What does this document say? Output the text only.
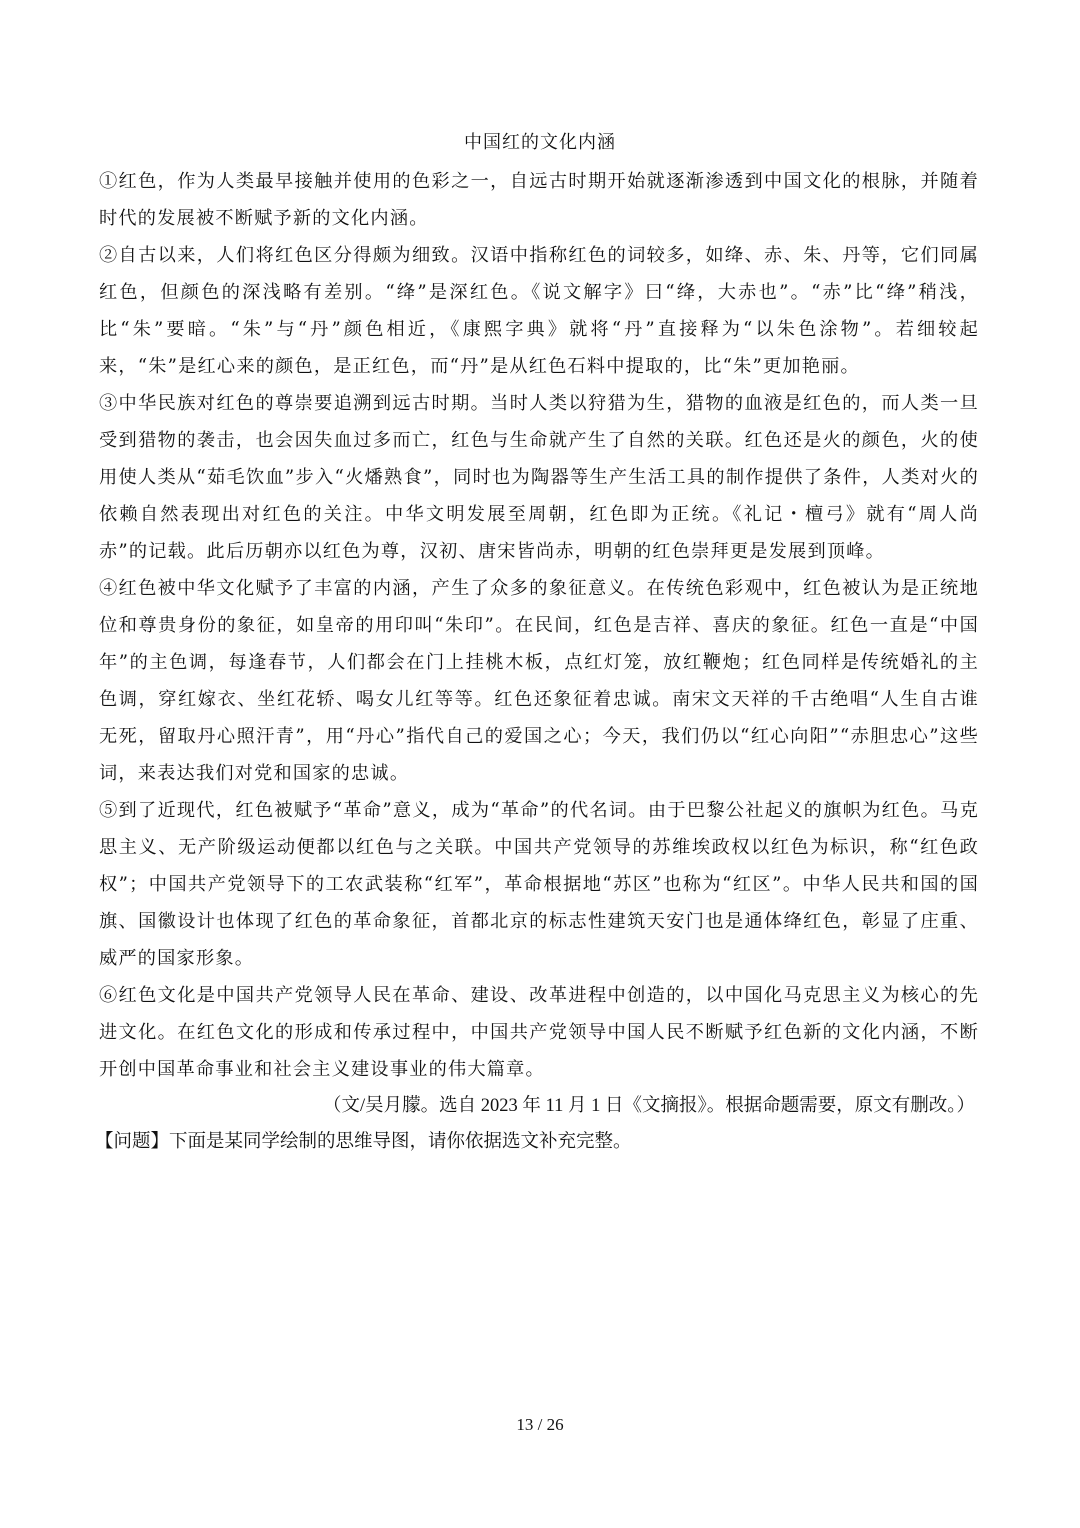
中国红的文化内涵

①红色，作为人类最早接触并使用的色彩之一，自远古时期开始就逐渐渗透到中国文化的根脉，并随着时代的发展被不断赋予新的文化内涵。

②自古以来，人们将红色区分得颇为细致。汉语中指称红色的词较多，如绛、赤、朱、丹等，它们同属红色，但颜色的深浅略有差别。“绛”是深红色。《说文解字》曰“绛，大赤也”。“赤”比“绛”稍浅，比“朱”要暗。“朱”与“丹”颜色相近，《康熙字典》就将“丹”直接释为“以朱色涂物”。若细较起来，“朱”是红心来的颜色，是正红色，而“丹”是从红色石料中提取的，比“朱”更加艳丽。

③中华民族对红色的尊崇要追溯到远古时期。当时人类以狩猎为生，猎物的血液是红色的，而人类一旦受到猎物的袭击，也会因失血过多而亡，红色与生命就产生了自然的关联。红色还是火的颜色，火的使用使人类从“茹毛饮血”步入“火燔熟食”，同时也为陶器等生产生活工具的制作提供了条件，人类对火的依赖自然表现出对红色的关注。中华文明发展至周朝，红色即为正统。《礼记・檀弓》就有“周人尚赤”的记载。此后历朝亦以红色为尊，汉初、唐宋皆尚赤，明朝的红色崇拜更是发展到顶峰。

④红色被中华文化赋予了丰富的内涵，产生了众多的象征意义。在传统色彩观中，红色被认为是正统地位和尊贵身份的象征，如皇帝的用印叫“朱印”。在民间，红色是吉祥、喜庆的象征。红色一直是“中国年”的主色调，每逢春节，人们都会在门上挂桃木板，点红灯笼，放红鞭炮；红色同样是传统婚礼的主色调，穿红嫁衣、坐红花轿、喝女儿红等等。红色还象征着忠诚。南宋文天祥的千古绝唱“人生自古谁无死，留取丹心照汗青”，用“丹心”指代自己的爱国之心；今天，我们仍以“红心向阳”“赤胆忠心”这些词，来表达我们对党和国家的忠诚。

⑤到了近现代，红色被赋予“革命”意义，成为“革命”的代名词。由于巴黎公社起义的旗帜为红色。马克思主义、无产阶级运动便都以红色与之关联。中国共产党领导的苏维埃政权以红色为标识，称“红色政权”；中国共产党领导下的工农武装称“红军”，革命根据地“苏区”也称为“红区”。中华人民共和国的国旗、国徽设计也体现了红色的革命象征，首都北京的标志性建筑天安门也是通体绛红色，彰显了庄重、威严的国家形象。

⑥红色文化是中国共产党领导人民在革命、建设、改革进程中创造的，以中国化马克思主义为核心的先进文化。在红色文化的形成和传承过程中，中国共产党领导中国人民不断赋予红色新的文化内涵，不断开创中国革命事业和社会主义建设事业的伟大篇章。

（文/吴月朦。选自 2023 年 11 月 1 日《文摘报》。根据命题需要，原文有删改。）

【问题】下面是某同学绘制的思维导图，请你依据选文补充完整。

13 / 26
